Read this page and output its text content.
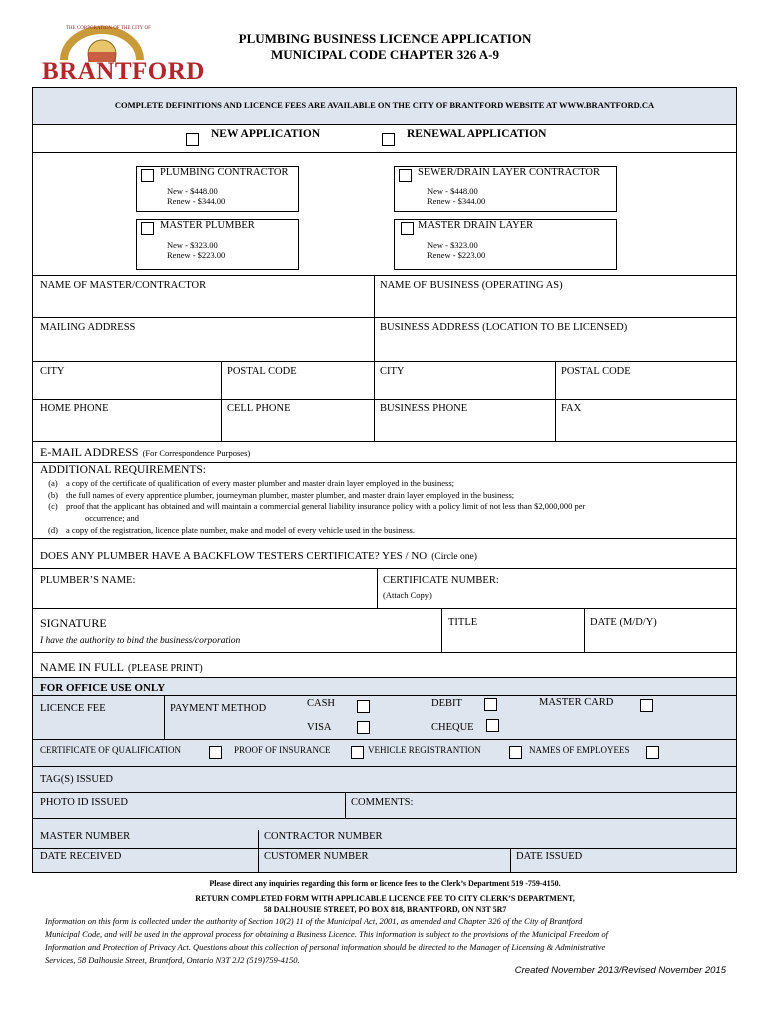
THE CORPORATION OF THE CITY OF
BRANTFORD
PLUMBING BUSINESS LICENCE APPLICATION
MUNICIPAL CODE CHAPTER 326 A-9
COMPLETE DEFINITIONS AND LICENCE FEES ARE AVAILABLE ON THE CITY OF BRANTFORD WEBSITE AT WWW.BRANTFORD.CA
NEW APPLICATION	RENEWAL APPLICATION
PLUMBING CONTRACTOR
New - $448.00
Renew - $344.00
SEWER/DRAIN LAYER CONTRACTOR
New - $448.00
Renew - $344.00
MASTER PLUMBER
New - $323.00
Renew - $223.00
MASTER DRAIN LAYER
New - $323.00
Renew - $223.00
NAME OF MASTER/CONTRACTOR	NAME OF BUSINESS (OPERATING AS)
MAILING ADDRESS	BUSINESS ADDRESS (LOCATION TO BE LICENSED)
CITY	POSTAL CODE	CITY	POSTAL CODE
HOME PHONE	CELL PHONE	BUSINESS PHONE	FAX
E-MAIL ADDRESS (For Correspondence Purposes)
ADDITIONAL REQUIREMENTS:
(a) a copy of the certificate of qualification of every master plumber and master drain layer employed in the business;
(b) the full names of every apprentice plumber, journeyman plumber, master plumber, and master drain layer employed in the business;
(c) proof that the applicant has obtained and will maintain a commercial general liability insurance policy with a policy limit of not less than $2,000,000 per
occurrence; and
(d) a copy of the registration, licence plate number, make and model of every vehicle used in the business.
DOES ANY PLUMBER HAVE A BACKFLOW TESTERS CERTIFICATE? YES / NO (Circle one)
PLUMBER’S NAME:	CERTIFICATE NUMBER:
(Attach Copy)
SIGNATURE
I have the authority to bind the business/corporation
TITLE	DATE (M/D/Y)
NAME IN FULL (PLEASE PRINT)
FOR OFFICE USE ONLY
LICENCE FEE	PAYMENT METHOD	CASH	DEBIT	MASTER CARD
VISA	CHEQUE
CERTIFICATE OF QUALIFICATION	PROOF OF INSURANCE	VEHICLE REGISTRANTION	NAMES OF EMPLOYEES
TAG(S) ISSUED
PHOTO ID ISSUED	COMMENTS:
MASTER NUMBER	CONTRACTOR NUMBER
DATE RECEIVED	CUSTOMER NUMBER	DATE ISSUED
Please direct any inquiries regarding this form or licence fees to the Clerk’s Department 519 -759-4150.
RETURN COMPLETED FORM WITH APPLICABLE LICENCE FEE TO CITY CLERK’S DEPARTMENT,
58 DALHOUSIE STREET, PO BOX 818, BRANTFORD, ON N3T 5R7
Information on this form is collected under the authority of Section 10(2) 11 of the Municipal Act, 2001, as amended and Chapter 326 of the City of Brantford
Municipal Code, and will be used in the approval process for obtaining a Business Licence. This information is subject to the provisions of the Municipal Freedom of
Information and Protection of Privacy Act. Questions about this collection of personal information should be directed to the Manager of Licensing & Administrative
Services, 58 Dalhousie Street, Brantford, Ontario N3T 2J2 (519)759-4150.
Created November 2013/Revised November 2015
